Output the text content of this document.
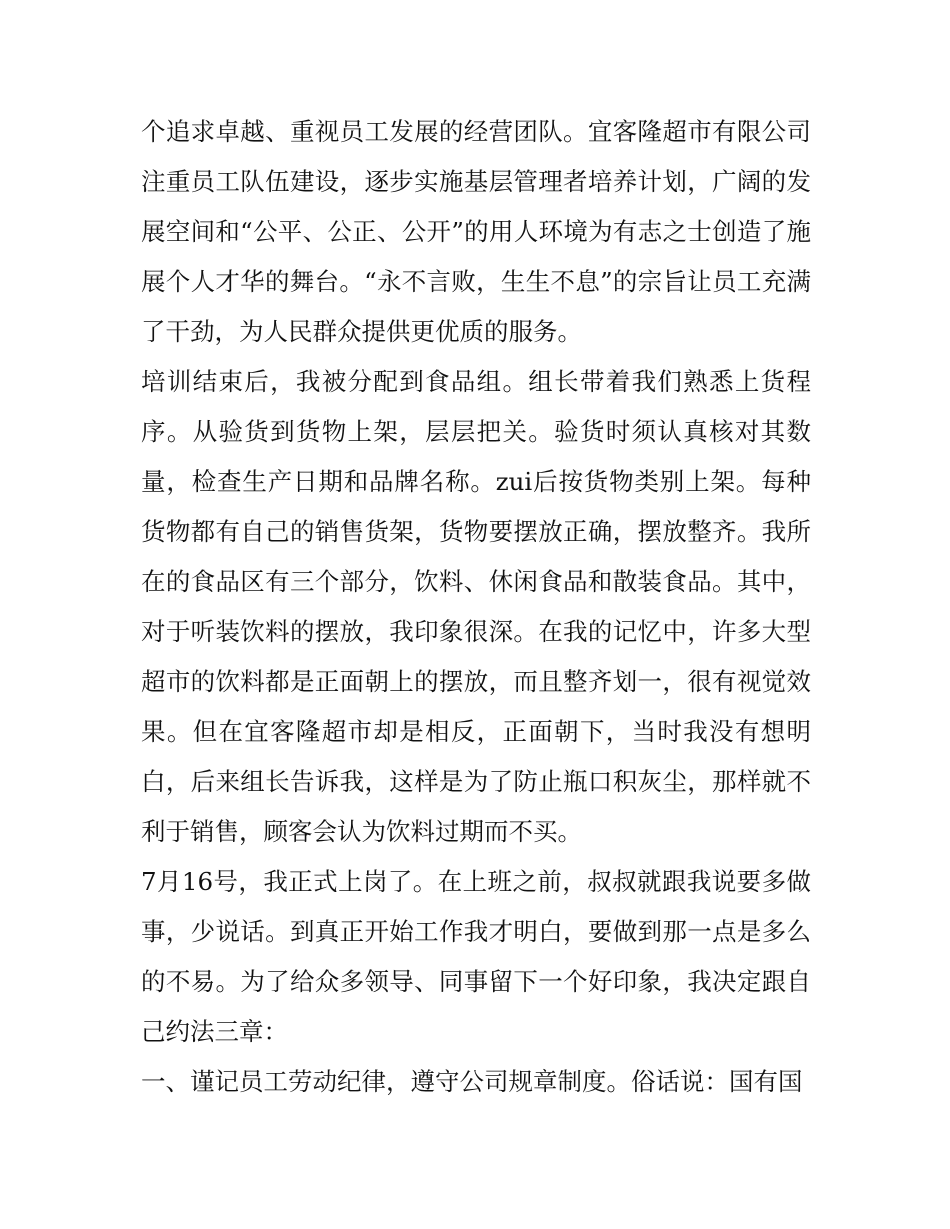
个追求卓越、重视员工发展的经营团队。宜客隆超市有限公司注重员工队伍建设，逐步实施基层管理者培养计划，广阔的发展空间和“公平、公正、公开”的用人环境为有志之士创造了施展个人才华的舞台。“永不言败，生生不息”的宗旨让员工充满了干劲，为人民群众提供更优质的服务。

培训结束后，我被分配到食品组。组长带着我们熟悉上货程序。从验货到货物上架，层层把关。验货时须认真核对其数量，检查生产日期和品牌名称。zui后按货物类别上架。每种货物都有自己的销售货架，货物要摆放正确，摆放整齐。我所在的食品区有三个部分，饮料、休闲食品和散装食品。其中，对于听装饮料的摆放，我印象很深。在我的记忆中，许多大型超市的饮料都是正面朝上的摆放，而且整齐划一，很有视觉效果。但在宜客隆超市却是相反，正面朝下，当时我没有想明白，后来组长告诉我，这样是为了防止瓶口积灰尘，那样就不利于销售，顾客会认为饮料过期而不买。

7月16号，我正式上岗了。在上班之前，叔叔就跟我说要多做事，少说话。到真正开始工作我才明白，要做到那一点是多么的不易。为了给众多领导、同事留下一个好印象，我决定跟自己约法三章：

一、谨记员工劳动纪律，遵守公司规章制度。俗话说：国有国
